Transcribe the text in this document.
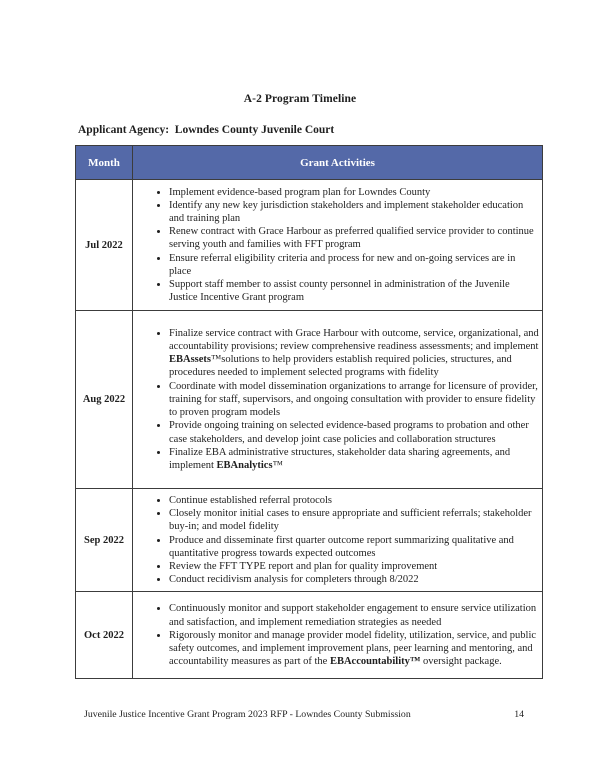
A-2 Program Timeline
Applicant Agency:  Lowndes County Juvenile Court
Month	Grant Activities
Jul 2022	
• Implement evidence-based program plan for Lowndes County
• Identify any new key jurisdiction stakeholders and implement stakeholder education and training plan
• Renew contract with Grace Harbour as preferred qualified service provider to continue serving youth and families with FFT program
• Ensure referral eligibility criteria and process for new and on-going services are in place
• Support staff member to assist county personnel in administration of the Juvenile Justice Incentive Grant program

Aug 2022	
• Finalize service contract with Grace Harbour with outcome, service, organizational, and accountability provisions; review comprehensive readiness assessments; and implement EBAssets™solutions to help providers establish required policies, structures, and procedures needed to implement selected programs with fidelity
• Coordinate with model dissemination organizations to arrange for licensure of provider, training for staff, supervisors, and ongoing consultation with provider to ensure fidelity to proven program models
• Provide ongoing training on selected evidence-based programs to probation and other case stakeholders, and develop joint case policies and collaboration structures
• Finalize EBA administrative structures, stakeholder data sharing agreements, and implement EBAnalytics™

Sep 2022	
• Continue established referral protocols
• Closely monitor initial cases to ensure appropriate and sufficient referrals; stakeholder buy-in; and model fidelity
• Produce and disseminate first quarter outcome report summarizing qualitative and quantitative progress towards expected outcomes
• Review the FFT TYPE report and plan for quality improvement
• Conduct recidivism analysis for completers through 8/2022

Oct 2022	
• Continuously monitor and support stakeholder engagement to ensure service utilization and satisfaction, and implement remediation strategies as needed
• Rigorously monitor and manage provider model fidelity, utilization, service, and public safety outcomes, and implement improvement plans, peer learning and mentoring, and accountability measures as part of the EBAccountability™ oversight package.
Juvenile Justice Incentive Grant Program 2023 RFP - Lowndes County Submission	14
